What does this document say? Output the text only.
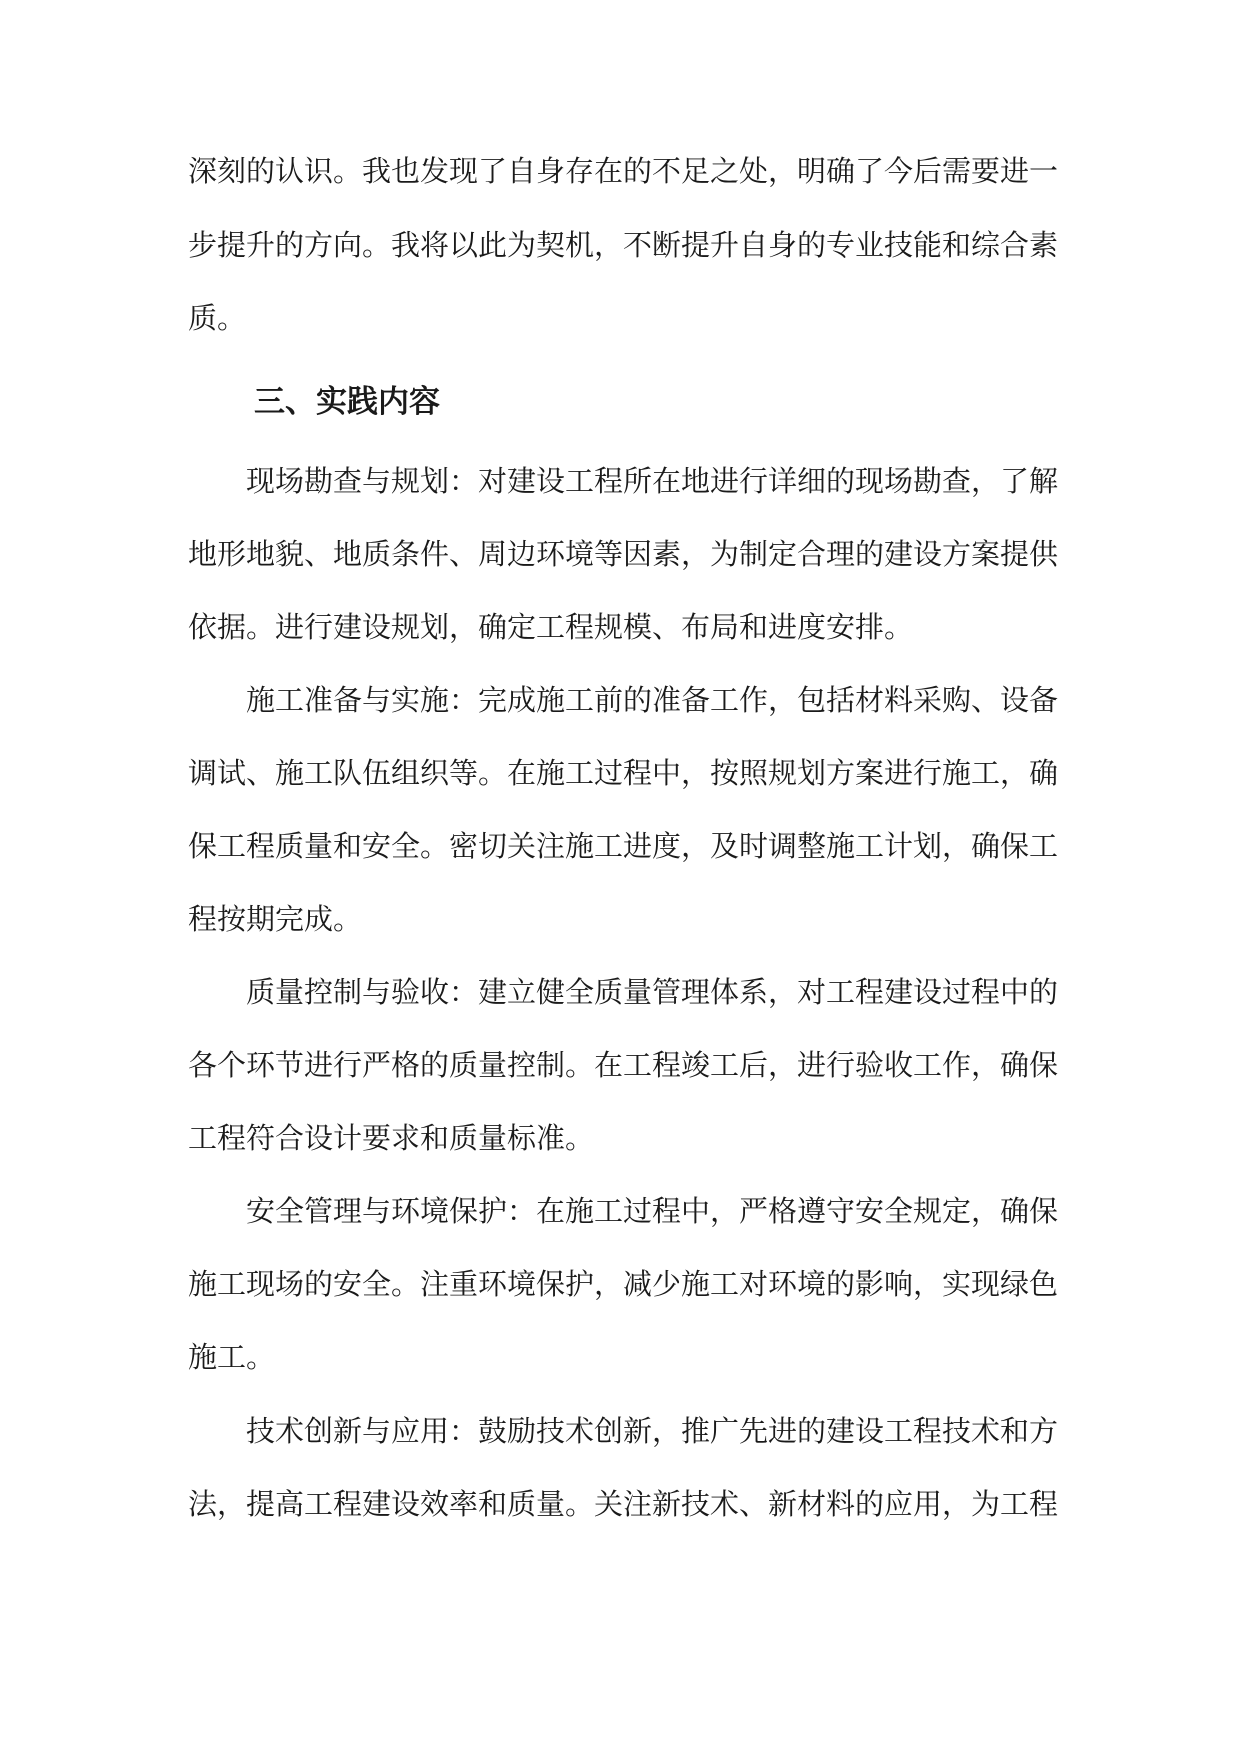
深刻的认识。我也发现了自身存在的不足之处，明确了今后需要进一
步提升的方向。我将以此为契机，不断提升自身的专业技能和综合素
质。
三、实践内容
现场勘查与规划：对建设工程所在地进行详细的现场勘查，了解
地形地貌、地质条件、周边环境等因素，为制定合理的建设方案提供
依据。进行建设规划，确定工程规模、布局和进度安排。
施工准备与实施：完成施工前的准备工作，包括材料采购、设备
调试、施工队伍组织等。在施工过程中，按照规划方案进行施工，确
保工程质量和安全。密切关注施工进度，及时调整施工计划，确保工
程按期完成。
质量控制与验收：建立健全质量管理体系，对工程建设过程中的
各个环节进行严格的质量控制。在工程竣工后，进行验收工作，确保
工程符合设计要求和质量标准。
安全管理与环境保护：在施工过程中，严格遵守安全规定，确保
施工现场的安全。注重环境保护，减少施工对环境的影响，实现绿色
施工。
技术创新与应用：鼓励技术创新，推广先进的建设工程技术和方
法，提高工程建设效率和质量。关注新技术、新材料的应用，为工程
